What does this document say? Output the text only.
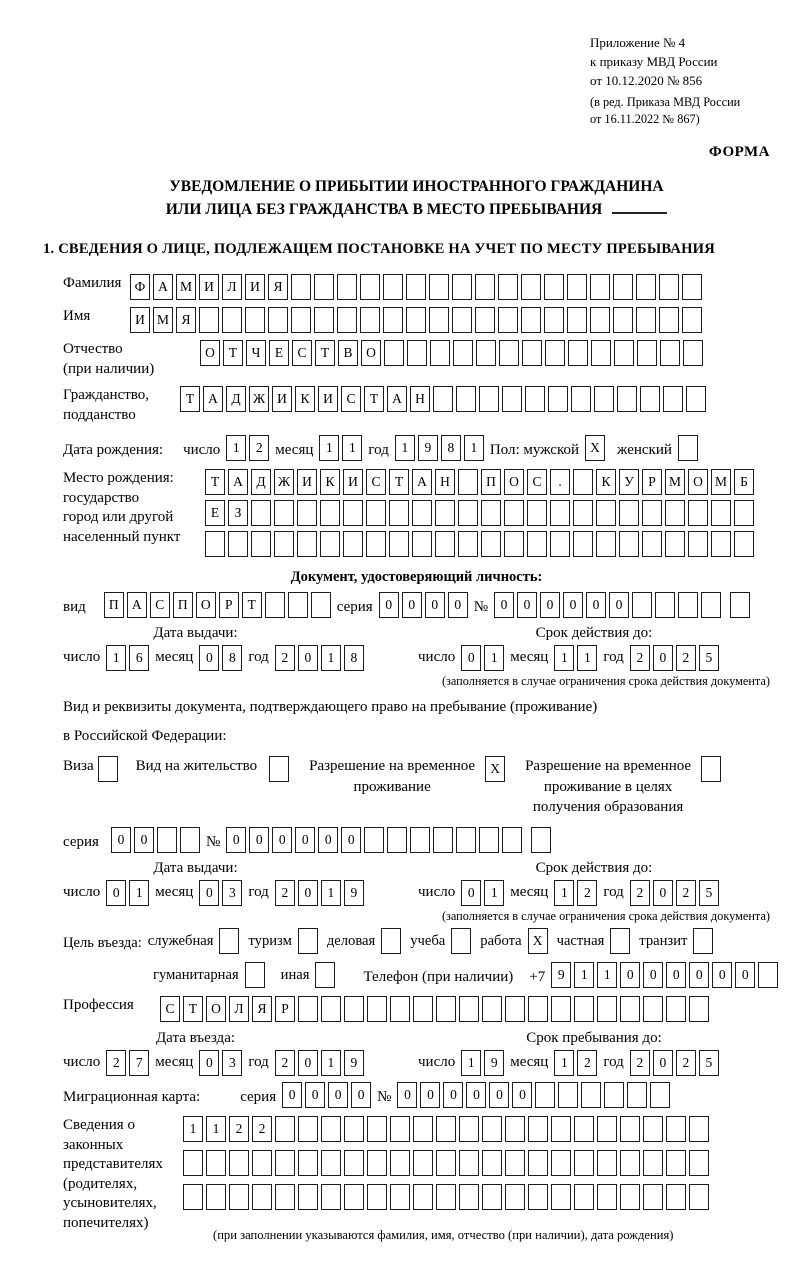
Приложение № 4
к приказу МВД России
от 10.12.2020 № 856
(в ред. Приказа МВД России
от 16.11.2022 № 867)
ФОРМА
УВЕДОМЛЕНИЕ О ПРИБЫТИИ ИНОСТРАННОГО ГРАЖДАНИНА
ИЛИ ЛИЦА БЕЗ ГРАЖДАНСТВА В МЕСТО ПРЕБЫВАНИЯ
1. СВЕДЕНИЯ О ЛИЦЕ, ПОДЛЕЖАЩЕМ ПОСТАНОВКЕ НА УЧЕТ ПО МЕСТУ ПРЕБЫВАНИЯ
Фамилия Ф А М И	Л	И	Я
Имя	И М Я
Отчество
(при наличии)
О	Т	Ч	Е	С	Т	В	О
Гражданство,
подданство
Т	А	Д Ж И	К	И	С	Т	А Н
Дата рождения: число 1	2 месяц 1	1 год 1	9	8	1 Пол: мужской X	женский
Место рождения:
государство
город или другой
населенный пункт
Т	А	Д Ж И	К	И	С	Т	А Н	П О	С	.	К	У	Р М О М Б
Е	З
Документ, удостоверяющий личность:
вид	П А	С	П О	Р	Т	серия 0	0	0	0 № 0	0	0	0	0	0
Дата выдачи:
число 1	6 месяц 0	8 год 2	0	1	8
Срок действия до:
число 0	1 месяц 1	1 год 2	0	2	5
(заполняется в случае ограничения срока действия документа)
Вид и реквизиты документа, подтверждающего право на пребывание (проживание)
в Российской Федерации:
Виза	Вид на жительство	Разрешение на временное
проживание
X	Разрешение на временное
проживание в целях
получения образования
серия	0	0	№ 0	0	0	0	0	0
Дата выдачи:
число 0	1 месяц 0	3 год 2	0	1	9
Срок действия до:
число 0	1 месяц 1	2 год 2	0	2	5
(заполняется в случае ограничения срока действия документа)
Цель въезда: служебная туризм деловая учеба работа X частная транзит
гуманитарная	иная	Телефон (при наличии) +7 9	1	1	0	0	0	0	0	0
Профессия	С	Т	О	Л	Я	Р
Дата въезда:
число 2	7 месяц 0	3 год 2	0	1	9
Срок пребывания до:
число 1	9 месяц 1	2 год 2	0	2	5
Миграционная карта:	серия 0	0	0	0 № 0	0	0	0	0	0
Сведения о
законных
представителях
(родителях,
усыновителях,
попечителях)
1	1	2	2
(при заполнении указываются фамилия, имя, отчество (при наличии), дата рождения)
